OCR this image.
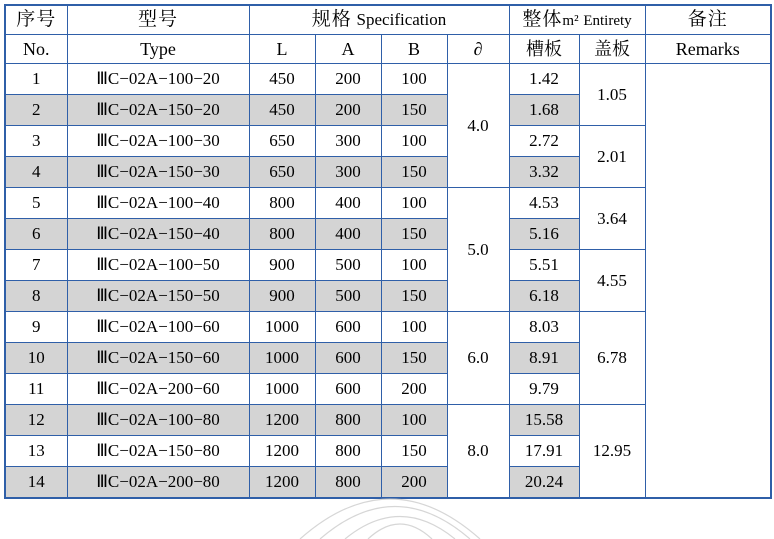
序号	型号	规格 Specification				整体m² Entirety		备注
No.	Type	L	A	B	∂	槽板	盖板	Remarks
1	ⅢC−02A−100−20	450	200	100	4.0	1.42	1.05	
2	ⅢC−02A−150−20	450	200	150		1.68		
3	ⅢC−02A−100−30	650	300	100		2.72	2.01	
4	ⅢC−02A−150−30	650	300	150		3.32		
5	ⅢC−02A−100−40	800	400	100	5.0	4.53	3.64	
6	ⅢC−02A−150−40	800	400	150		5.16		
7	ⅢC−02A−100−50	900	500	100		5.51	4.55	
8	ⅢC−02A−150−50	900	500	150		6.18		
9	ⅢC−02A−100−60	1000	600	100	6.0	8.03	6.78	
10	ⅢC−02A−150−60	1000	600	150		8.91		
11	ⅢC−02A−200−60	1000	600	200		9.79		
12	ⅢC−02A−100−80	1200	800	100	8.0	15.58	12.95	
13	ⅢC−02A−150−80	1200	800	150		17.91		
14	ⅢC−02A−200−80	1200	800	200		20.24		
